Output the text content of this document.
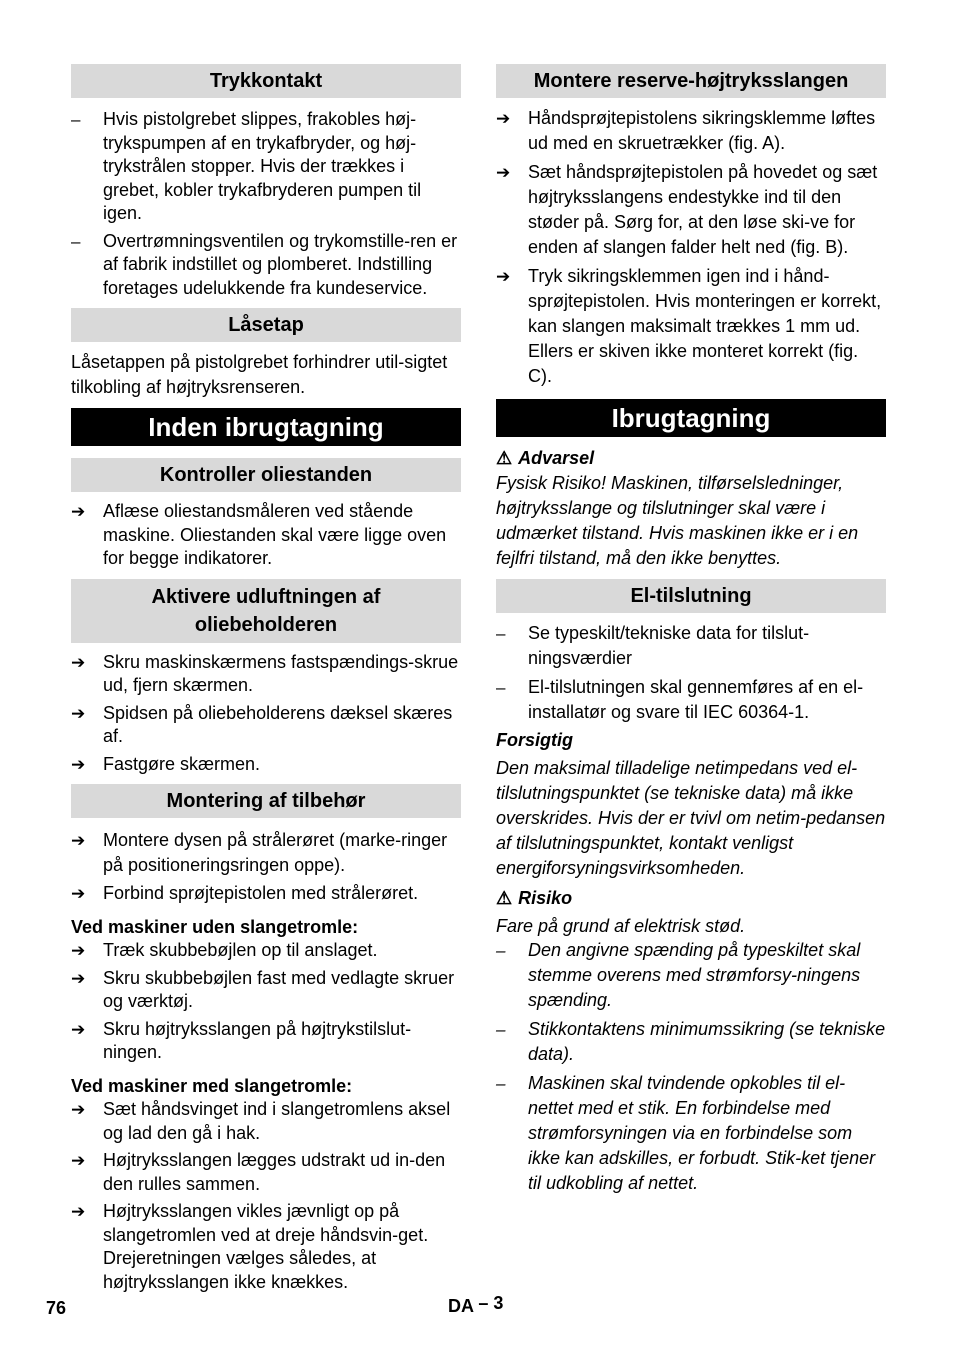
Trykkontakt
–	Hvis pistolgrebet slippes, frakobles høj-trykspumpen af en trykafbryder, og høj-trykstrålen stopper. Hvis der trækkes i grebet, kobler trykafbryderen pumpen til igen.
–	Overtrømningsventilen og trykomstille-ren er af fabrik indstillet og plomberet. Indstilling foretages udelukkende fra kundeservice.
Låsetap

Låsetappen på pistolgrebet forhindrer util-sigtet tilkobling af højtryksrenseren.

Inden ibrugtagning
Kontroller oliestanden
➔ Aflæse oliestandsmåleren ved stående maskine. Oliestanden skal være ligge oven for begge indikatorer.
Aktivere udluftningen af
oliebeholderen
➔ Skru maskinskærmens fastspændings-skrue ud, fjern skærmen.
➔ Spidsen på oliebeholderens dæksel skæres af.
➔ Fastgøre skærmen.
Montering af tilbehør
➔ Montere dysen på strålerøret (marke-ringer på positioneringsringen oppe).
➔ Forbind sprøjtepistolen med strålerøret.

Ved maskiner uden slangetromle:

➔ Træk skubbebøjlen op til anslaget.
➔ Skru skubbebøjlen fast med vedlagte skruer og værktøj.
➔ Skru højtryksslangen på højtrykstilslut-ningen.

Ved maskiner med slangetromle:

➔ Sæt håndsvinget ind i slangetromlens aksel og lad den gå i hak.
➔ Højtryksslangen lægges udstrakt ud in-den den rulles sammen.
➔ Højtryksslangen vikles jævnligt op på slangetromlen ved at dreje håndsvin-get. Drejeretningen vælges således, at højtryksslangen ikke knækkes.
Montere reserve-højtryksslangen
➔ Håndsprøjtepistolens sikringsklemme løftes ud med en skruetrækker (fig. A).
➔ Sæt håndsprøjtepistolen på hovedet og sæt højtryksslangens endestykke ind til den støder på. Sørg for, at den løse ski-ve for enden af slangen falder helt ned (fig. B).
➔ Tryk sikringsklemmen igen ind i hånd-sprøjtepistolen. Hvis monteringen er korrekt, kan slangen maksimalt trækkes 1 mm ud. Ellers er skiven ikke monteret korrekt (fig. C).
Ibrugtagning

⚠ Advarsel

Fysisk Risiko! Maskinen, tilførselsledninger, højtryksslange og tilslutninger skal være i udmærket tilstand. Hvis maskinen ikke er i en fejlfri tilstand, må den ikke benyttes.

El-tilslutning
–	Se typeskilt/tekniske data for tilslut-ningsværdier
–	El-tilslutningen skal gennemføres af en el-installatør og svare til IEC 60364-1.

Forsigtig

Den maksimal tilladelige netimpedans ved el-tilslutningspunktet (se tekniske data) må ikke overskrides. Hvis der er tvivl om netim-pedansen af tilslutningspunktet, kontakt venligst energiforsyningsvirksomheden.

⚠ Risiko

Fare på grund af elektrisk stød.

–	Den angivne spænding på typeskiltet skal stemme overens med strømforsy-ningens spænding.
–	Stikkontaktens minimumssikring (se tekniske data).
–	Maskinen skal tvindende opkobles til el-nettet med et stik. En forbindelse med strømforsyningen via en forbindelse som ikke kan adskilles, er forbudt. Stik-ket tjener til udkobling af nettet.
76	DA – 3
